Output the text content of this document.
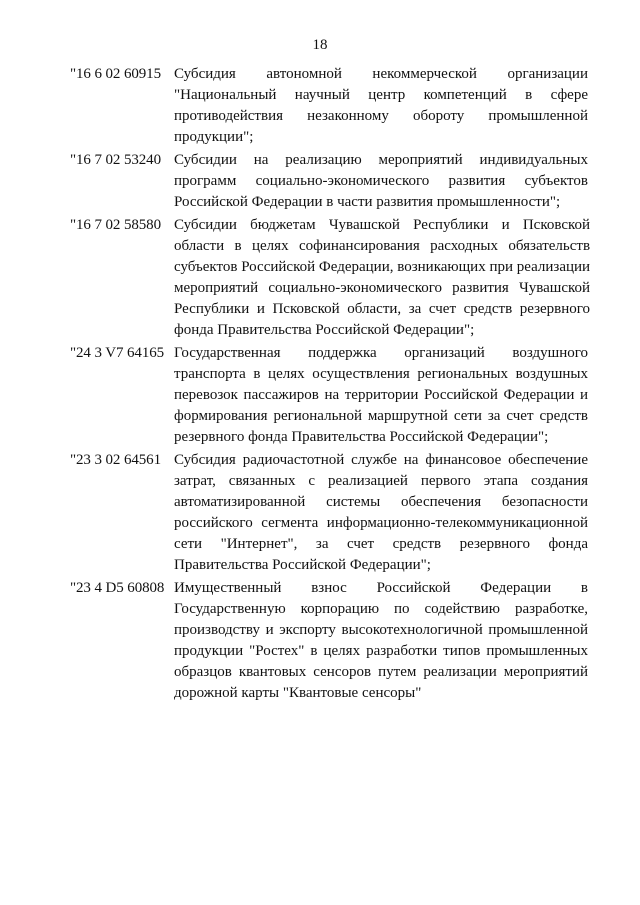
18
"16 6 02 60915 Субсидия автономной некоммерческой организации
"Национальный научный центр компетенций в сфере
противодействия незаконному обороту промышленной
продукции";
"16 7 02 53240 Субсидии на реализацию мероприятий индивидуальных
программ социально-экономического развития субъектов
Российской Федерации в части развития промышленности";
"16 7 02 58580 Субсидии бюджетам Чувашской Республики и Псковской
области в целях софинансирования расходных обязательств
субъектов Российской Федерации, возникающих при реализации
мероприятий социально-экономического развития Чувашской
Республики и Псковской области, за счет средств резервного
фонда Правительства Российской Федерации";
"24 3 V7 64165 Государственная поддержка организаций воздушного
транспорта в целях осуществления региональных воздушных
перевозок пассажиров на территории Российской Федерации и
формирования региональной маршрутной сети за счет средств
резервного фонда Правительства Российской Федерации";
"23 3 02 64561 Субсидия радиочастотной службе на финансовое обеспечение
затрат, связанных с реализацией первого этапа создания
автоматизированной системы обеспечения безопасности
российского сегмента информационно-телекоммуникационной
сети "Интернет", за счет средств резервного фонда
Правительства Российской Федерации";
"23 4 D5 60808 Имущественный взнос Российской Федерации в
Государственную корпорацию по содействию разработке,
производству и экспорту высокотехнологичной промышленной
продукции "Ростех" в целях разработки типов промышленных
образцов квантовых сенсоров путем реализации мероприятий
дорожной карты "Квантовые сенсоры"
